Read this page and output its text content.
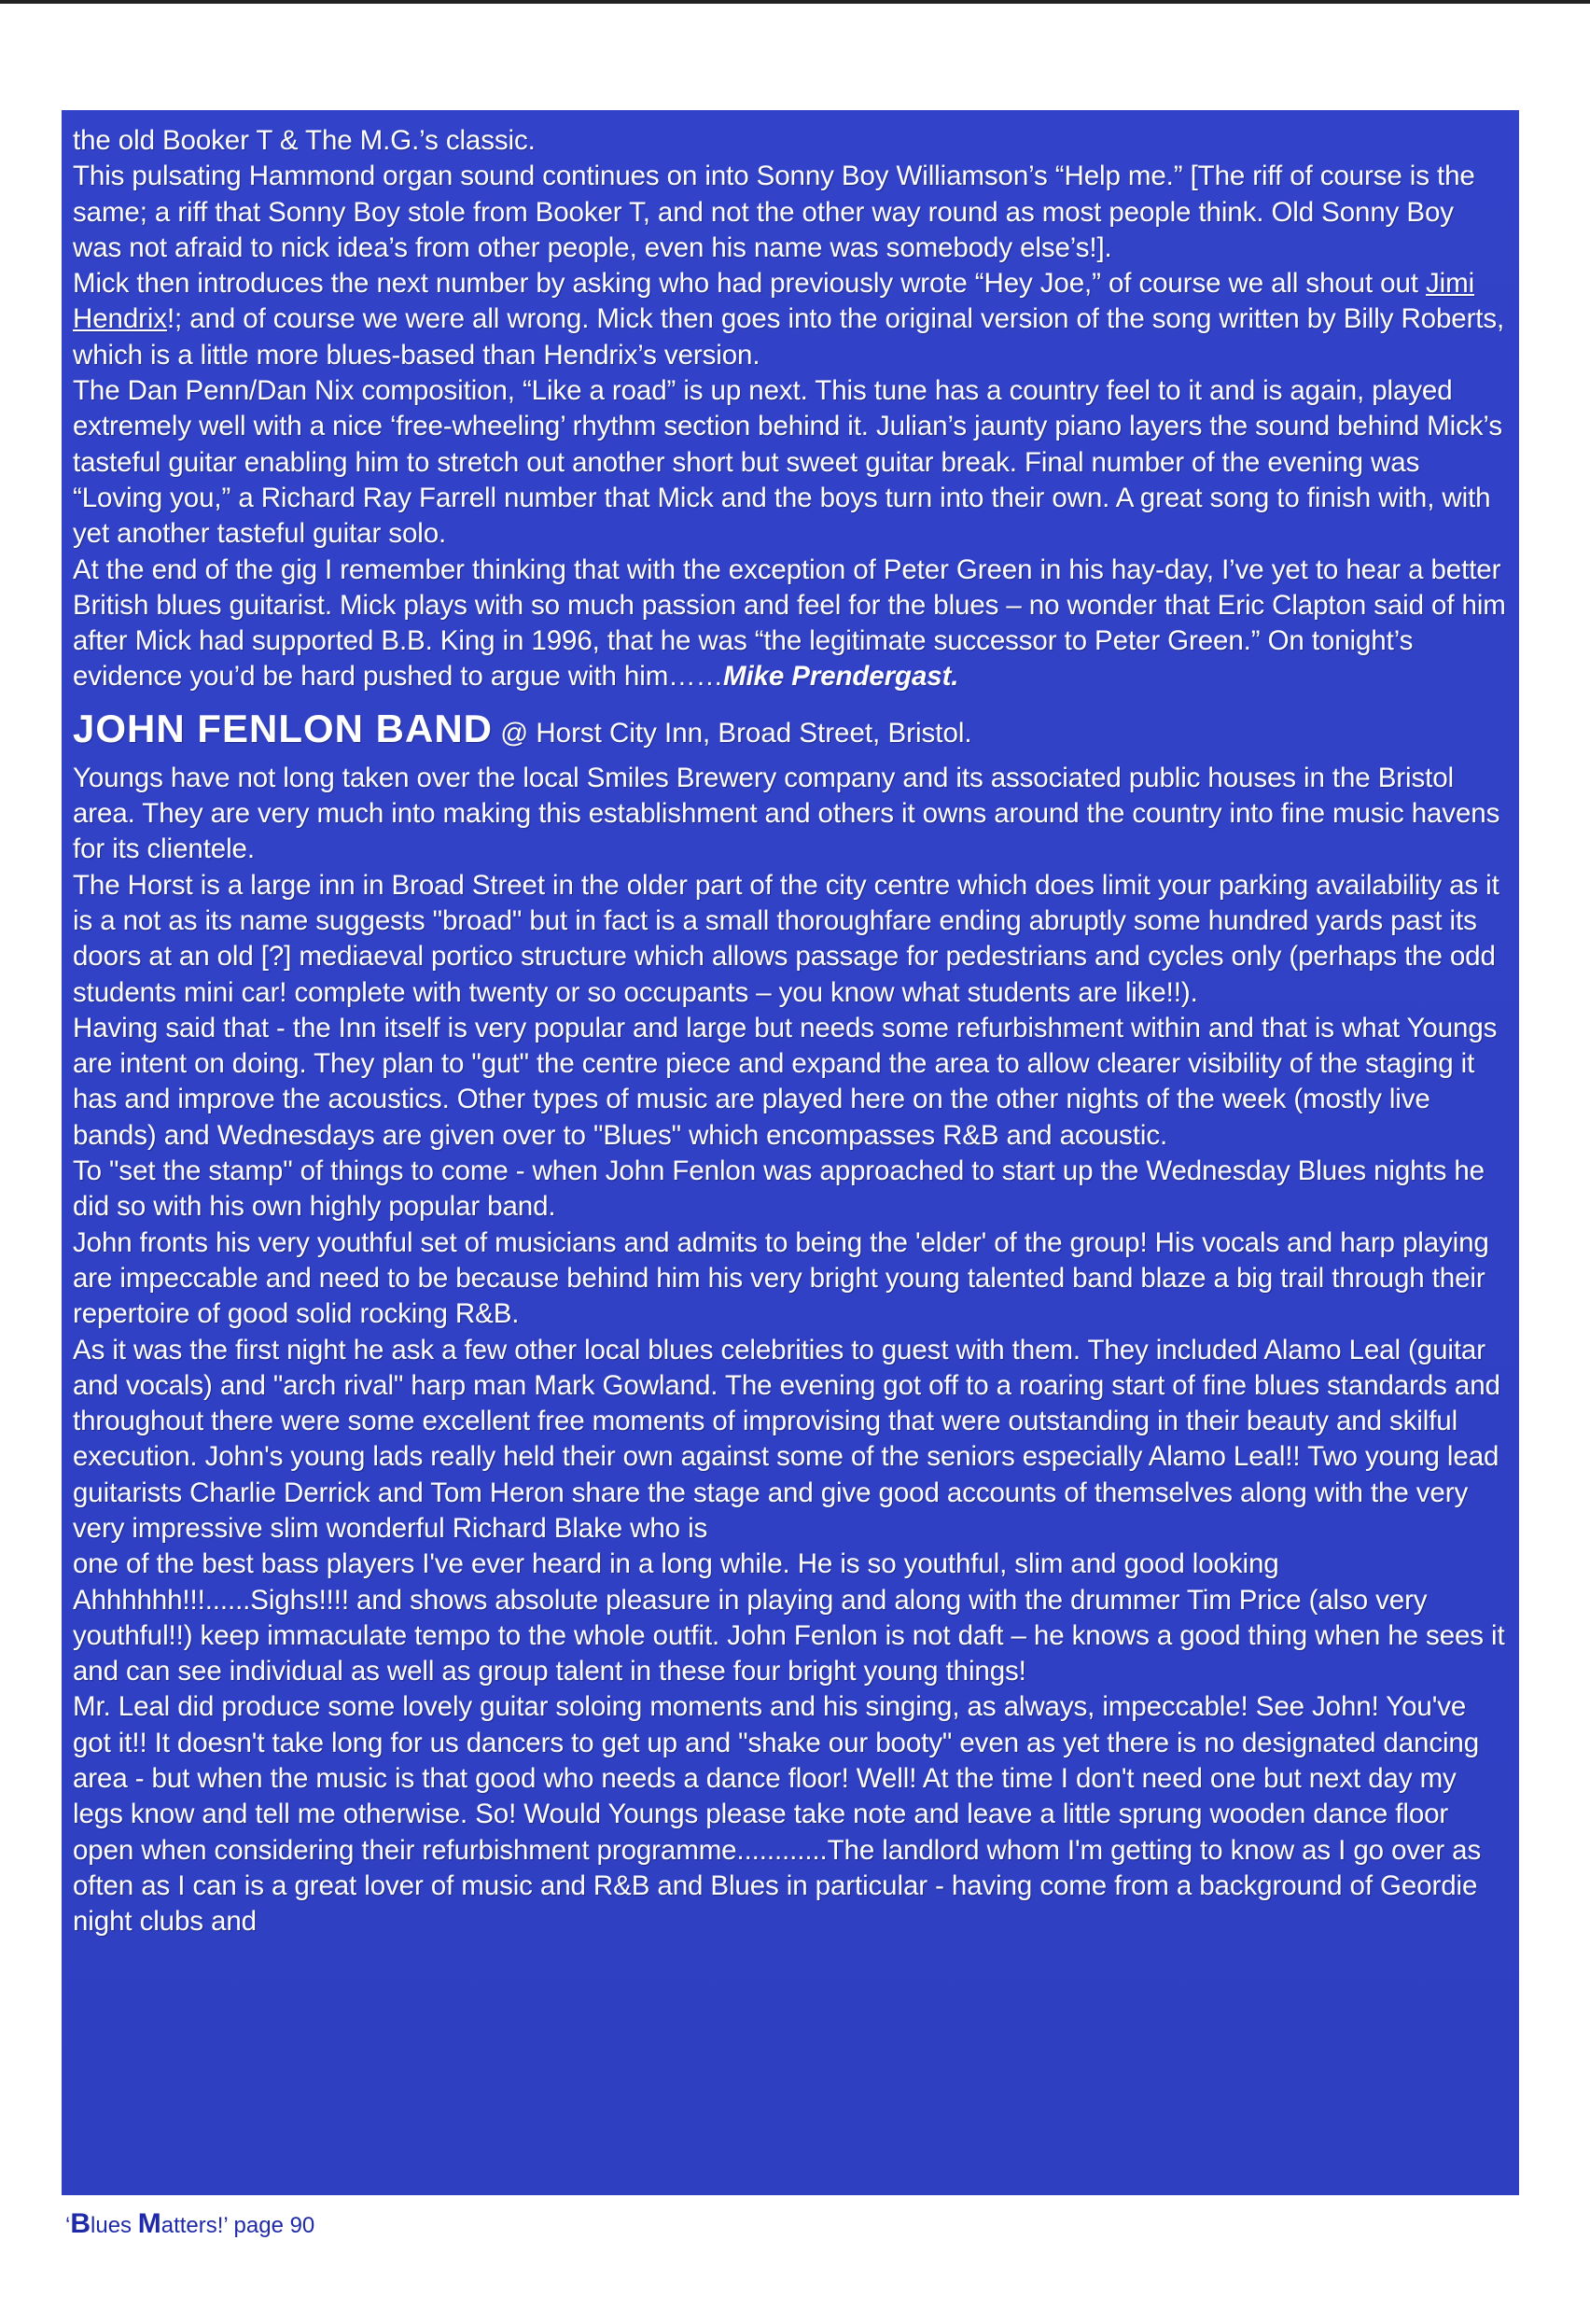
the old Booker T & The M.G.’s classic.

This pulsating Hammond organ sound continues on into Sonny Boy Williamson’s “Help me.” [The riff of course is the same; a riff that Sonny Boy stole from Booker T, and not the other way round as most people think. Old Sonny Boy was not afraid to nick idea’s from other people, even his name was somebody else’s!].

Mick then introduces the next number by asking who had previously wrote “Hey Joe,” of course we all shout out Jimi Hendrix!; and of course we were all wrong. Mick then goes into the original version of the song written by Billy Roberts, which is a little more blues-based than Hendrix’s version.

The Dan Penn/Dan Nix composition, “Like a road” is up next. This tune has a country feel to it and is again, played extremely well with a nice ‘free-wheeling’ rhythm section behind it. Julian’s jaunty piano layers the sound behind Mick’s tasteful guitar enabling him to stretch out another short but sweet guitar break. Final number of the evening was “Loving you,” a Richard Ray Farrell number that Mick and the boys turn into their own. A great song to finish with, with yet another tasteful guitar solo.

At the end of the gig I remember thinking that with the exception of Peter Green in his hay-day, I’ve yet to hear a better British blues guitarist. Mick plays with so much passion and feel for the blues – no wonder that Eric Clapton said of him after Mick had supported B.B. King in 1996, that he was “the legitimate successor to Peter Green.” On tonight’s evidence you’d be hard pushed to argue with him……Mike Prendergast.

JOHN FENLON BAND @ Horst City Inn, Broad Street, Bristol.

Youngs have not long taken over the local Smiles Brewery company and its associated public houses in the Bristol area. They are very much into making this establishment and others it owns around the country into fine music havens for its clientele.

The Horst is a large inn in Broad Street in the older part of the city centre which does limit your parking availability as it is a not as its name suggests "broad" but in fact is a small thoroughfare ending abruptly some hundred yards past its doors at an old [?] mediaeval portico structure which allows passage for pedestrians and cycles only (perhaps the odd students mini car! complete with twenty or so occupants – you know what students are like!!).

Having said that - the Inn itself is very popular and large but needs some refurbishment within and that is what Youngs are intent on doing. They plan to "gut" the centre piece and expand the area to allow clearer visibility of the staging it has and improve the acoustics. Other types of music are played here on the other nights of the week (mostly live bands) and Wednesdays are given over to "Blues" which encompasses R&B and acoustic.

To "set the stamp" of things to come - when John Fenlon was approached to start up the Wednesday Blues nights he did so with his own highly popular band.

John fronts his very youthful set of musicians and admits to being the 'elder' of the group! His vocals and harp playing are impeccable and need to be because behind him his very bright young talented band blaze a big trail through their repertoire of good solid rocking R&B.

As it was the first night he ask a few other local blues celebrities to guest with them. They included Alamo Leal (guitar and vocals) and "arch rival" harp man Mark Gowland. The evening got off to a roaring start of fine blues standards and throughout there were some excellent free moments of improvising that were outstanding in their beauty and skilful execution. John's young lads really held their own against some of the seniors especially Alamo Leal!! Two young lead guitarists Charlie Derrick and Tom Heron share the stage and give good accounts of themselves along with the very very impressive slim wonderful Richard Blake who is

one of the best bass players I've ever heard in a long while. He is so youthful, slim and good looking Ahhhhhh!!!......Sighs!!!! and shows absolute pleasure in playing and along with the drummer Tim Price (also very youthful!!) keep immaculate tempo to the whole outfit. John Fenlon is not daft – he knows a good thing when he sees it and can see individual as well as group talent in these four bright young things!

Mr. Leal did produce some lovely guitar soloing moments and his singing, as always, impeccable! See John! You've got it!! It doesn't take long for us dancers to get up and "shake our booty" even as yet there is no designated dancing area - but when the music is that good who needs a dance floor! Well! At the time I don't need one but next day my legs know and tell me otherwise. So! Would Youngs please take note and leave a little sprung wooden dance floor open when considering their refurbishment programme............The landlord whom I'm getting to know as I go over as often as I can is a great lover of music and R&B and Blues in particular - having come from a background of Geordie night clubs and

‘Blues Matters!’ page 90
